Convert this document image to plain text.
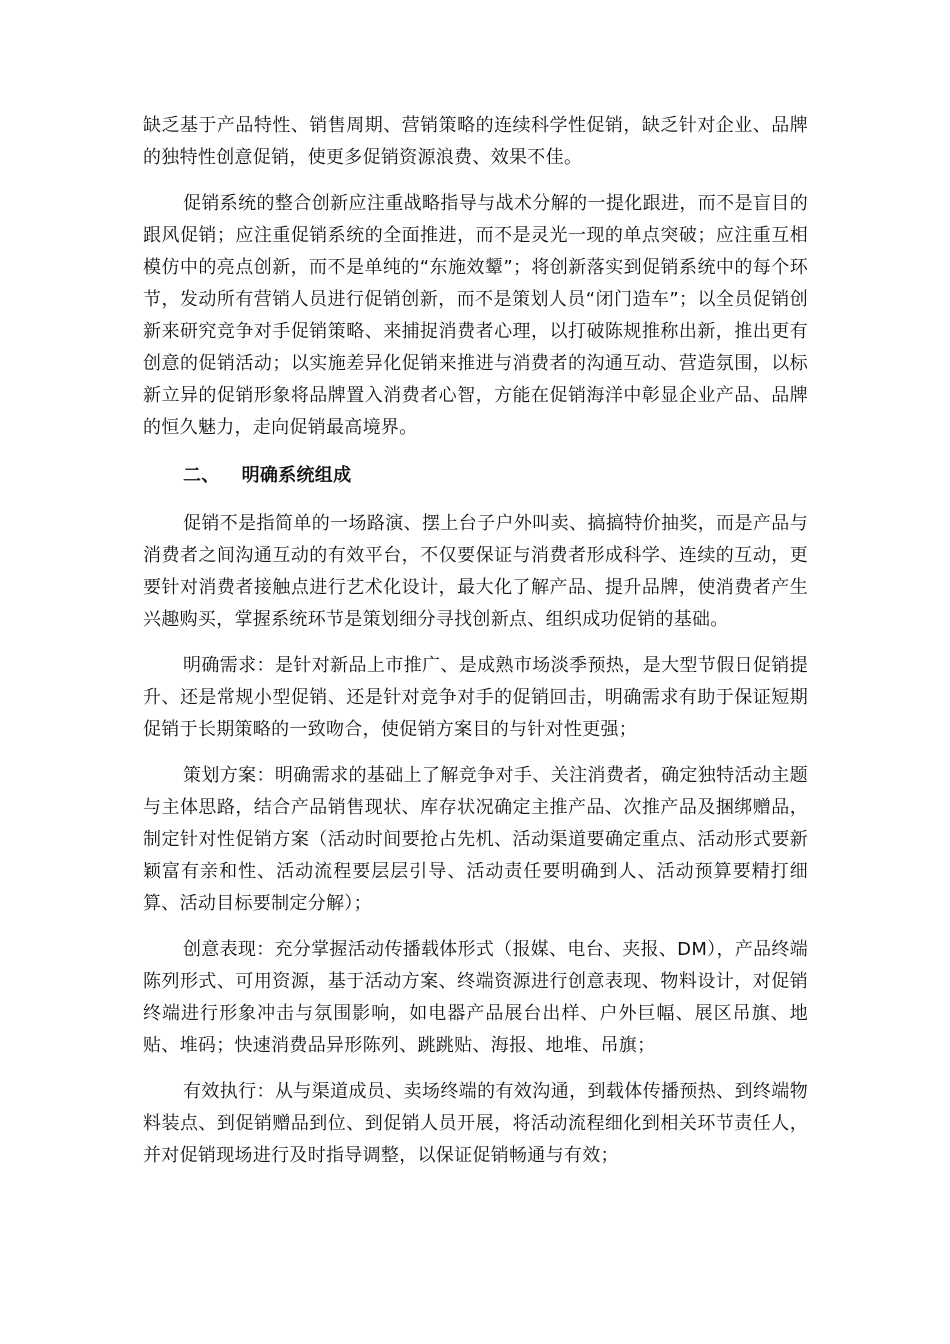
缺乏基于产品特性、销售周期、营销策略的连续科学性促销，缺乏针对企业、品牌的独特性创意促销，使更多促销资源浪费、效果不佳。

促销系统的整合创新应注重战略指导与战术分解的一提化跟进，而不是盲目的跟风促销；应注重促销系统的全面推进，而不是灵光一现的单点突破；应注重互相模仿中的亮点创新，而不是单纯的“东施效颦”；将创新落实到促销系统中的每个环节，发动所有营销人员进行促销创新，而不是策划人员“闭门造车”；以全员促销创新来研究竞争对手促销策略、来捕捉消费者心理，以打破陈规推称出新，推出更有创意的促销活动；以实施差异化促销来推进与消费者的沟通互动、营造氛围，以标新立异的促销形象将品牌置入消费者心智，方能在促销海洋中彰显企业产品、品牌的恒久魅力，走向促销最高境界。

二、 明确系统组成

促销不是指简单的一场路演、摆上台子户外叫卖、搞搞特价抽奖，而是产品与消费者之间沟通互动的有效平台，不仅要保证与消费者形成科学、连续的互动，更要针对消费者接触点进行艺术化设计，最大化了解产品、提升品牌，使消费者产生兴趣购买，掌握系统环节是策划细分寻找创新点、组织成功促销的基础。

明确需求：是针对新品上市推广、是成熟市场淡季预热，是大型节假日促销提升、还是常规小型促销、还是针对竞争对手的促销回击，明确需求有助于保证短期促销于长期策略的一致吻合，使促销方案目的与针对性更强；

策划方案：明确需求的基础上了解竞争对手、关注消费者，确定独特活动主题与主体思路，结合产品销售现状、库存状况确定主推产品、次推产品及捆绑赠品，制定针对性促销方案（活动时间要抢占先机、活动渠道要确定重点、活动形式要新颖富有亲和性、活动流程要层层引导、活动责任要明确到人、活动预算要精打细算、活动目标要制定分解）；

创意表现：充分掌握活动传播载体形式（报媒、电台、夹报、DM），产品终端陈列形式、可用资源，基于活动方案、终端资源进行创意表现、物料设计，对促销终端进行形象冲击与氛围影响，如电器产品展台出样、户外巨幅、展区吊旗、地贴、堆码；快速消费品异形陈列、跳跳贴、海报、地堆、吊旗；

有效执行：从与渠道成员、卖场终端的有效沟通，到载体传播预热、到终端物料装点、到促销赠品到位、到促销人员开展，将活动流程细化到相关环节责任人，并对促销现场进行及时指导调整，以保证促销畅通与有效；
